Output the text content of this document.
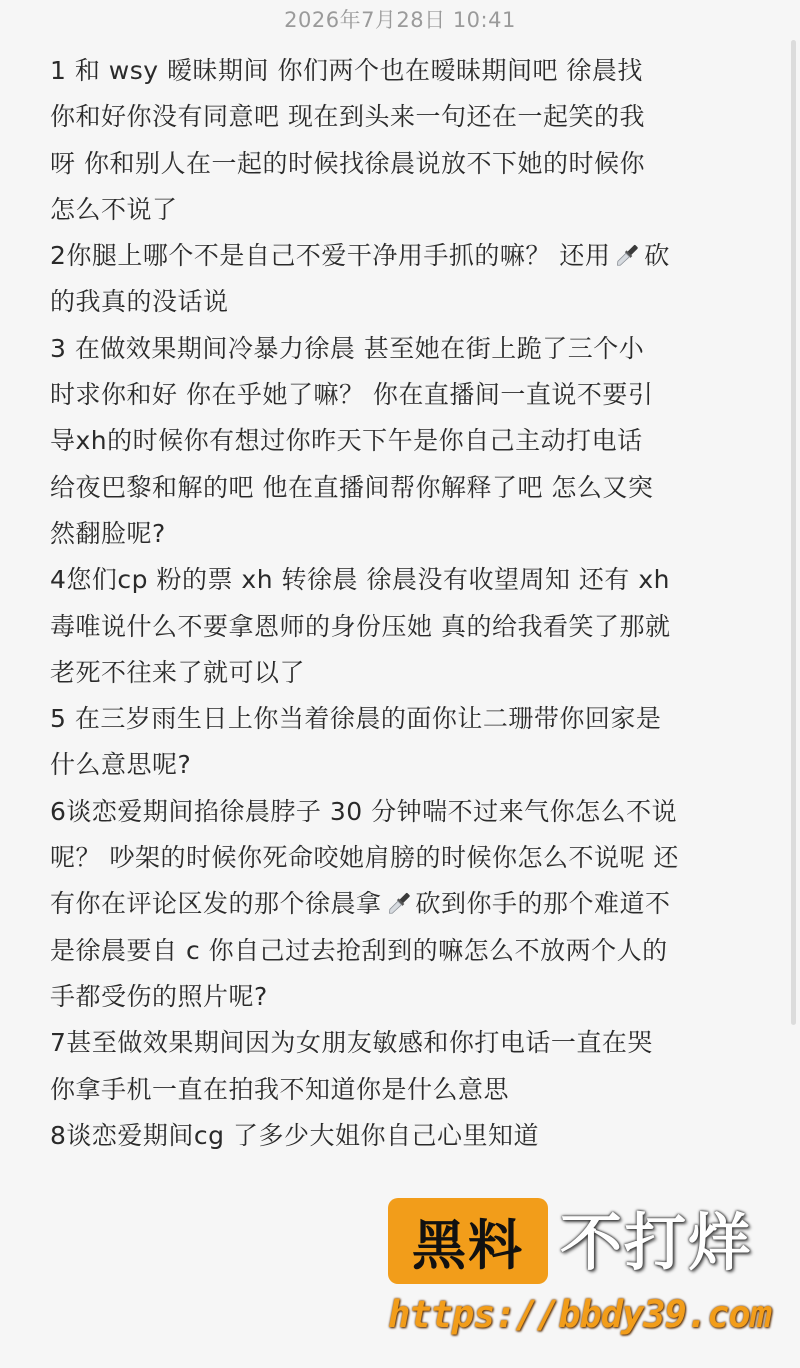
2026年7月28日 10:41
1 和 wsy 暧昧期间 你们两个也在暧昧期间吧 徐晨找
你和好你没有同意吧 现在到头来一句还在一起笑的我
呀 你和别人在一起的时候找徐晨说放不下她的时候你
怎么不说了
2你腿上哪个不是自己不爱干净用手抓的嘛？ 还用 砍
的我真的没话说
3 在做效果期间冷暴力徐晨 甚至她在街上跪了三个小
时求你和好 你在乎她了嘛？ 你在直播间一直说不要引
导xh的时候你有想过你昨天下午是你自己主动打电话
给夜巴黎和解的吧 他在直播间帮你解释了吧 怎么又突
然翻脸呢?
4您们cp 粉的票 xh 转徐晨 徐晨没有收望周知 还有 xh
毒唯说什么不要拿恩师的身份压她 真的给我看笑了那就
老死不往来了就可以了
5 在三岁雨生日上你当着徐晨的面你让二珊带你回家是
什么意思呢?
6谈恋爱期间掐徐晨脖子 30 分钟喘不过来气你怎么不说
呢？ 吵架的时候你死命咬她肩膀的时候你怎么不说呢 还
有你在评论区发的那个徐晨拿 砍到你手的那个难道不
是徐晨要自 c 你自己过去抢刮到的嘛怎么不放两个人的
手都受伤的照片呢?
7甚至做效果期间因为女朋友敏感和你打电话一直在哭
你拿手机一直在拍我不知道你是什么意思
8谈恋爱期间cg 了多少大姐你自己心里知道
黑料 不打烊
https://bbdy39.com
